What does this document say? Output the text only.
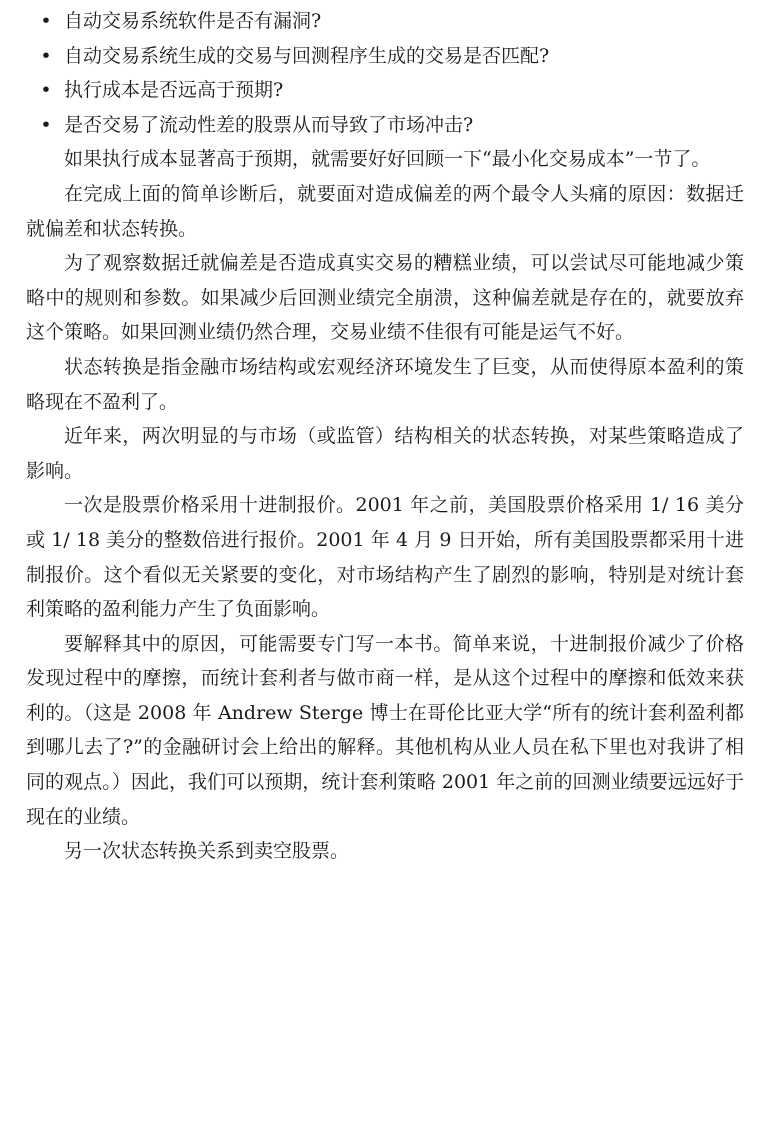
• 自动交易系统软件是否有漏洞?
• 自动交易系统生成的交易与回测程序生成的交易是否匹配?
• 执行成本是否远高于预期?
• 是否交易了流动性差的股票从而导致了市场冲击?

如果执行成本显著高于预期，就需要好好回顾一下“最小化交易成本”一节了。

在完成上面的简单诊断后，就要面对造成偏差的两个最令人头痛的原因：数据迁就偏差和状态转换。

为了观察数据迁就偏差是否造成真实交易的糟糕业绩，可以尝试尽可能地减少策略中的规则和参数。如果减少后回测业绩完全崩溃，这种偏差就是存在的，就要放弃这个策略。如果回测业绩仍然合理，交易业绩不佳很有可能是运气不好。

状态转换是指金融市场结构或宏观经济环境发生了巨变，从而使得原本盈利的策略现在不盈利了。

近年来，两次明显的与市场（或监管）结构相关的状态转换，对某些策略造成了影响。

一次是股票价格采用十进制报价。2001 年之前，美国股票价格采用 1/ 16 美分或 1/ 18 美分的整数倍进行报价。2001 年 4 月 9 日开始，所有美国股票都采用十进制报价。这个看似无关紧要的变化，对市场结构产生了剧烈的影响，特别是对统计套利策略的盈利能力产生了负面影响。

要解释其中的原因，可能需要专门写一本书。简单来说，十进制报价减少了价格发现过程中的摩擦，而统计套利者与做市商一样，是从这个过程中的摩擦和低效来获利的。（这是 2008 年 Andrew Sterge 博士在哥伦比亚大学“所有的统计套利盈利都到哪儿去了?”的金融研讨会上给出的解释。其他机构从业人员在私下里也对我讲了相同的观点。）因此，我们可以预期，统计套利策略 2001 年之前的回测业绩要远远好于现在的业绩。

另一次状态转换关系到卖空股票。
